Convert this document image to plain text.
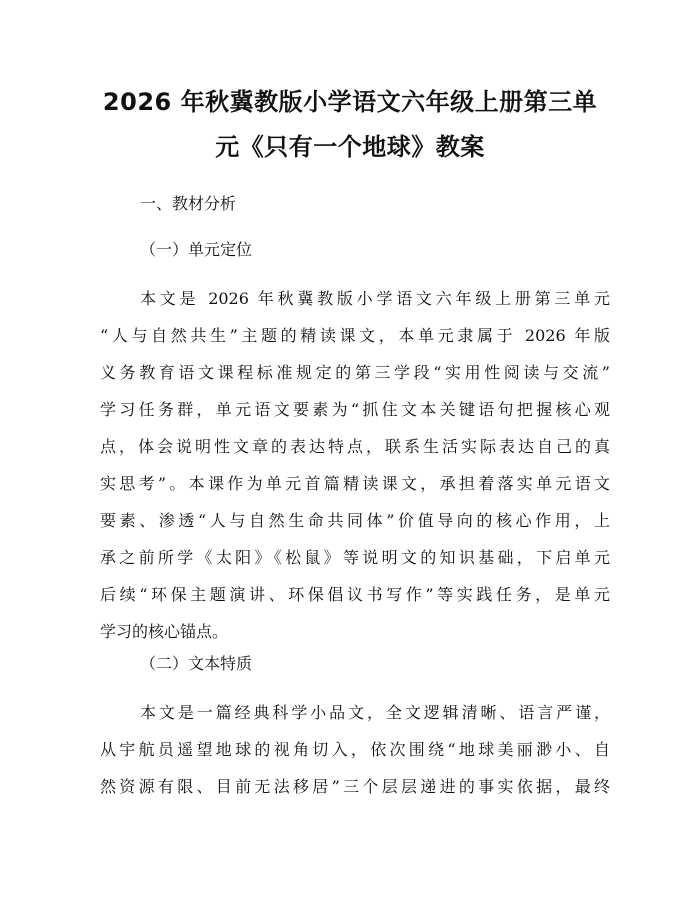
2026 年秋冀教版小学语文六年级上册第三单
元《只有一个地球》教案

一、教材分析

（一）单元定位

本文是 2026 年秋冀教版小学语文六年级上册第三单元
“人与自然共生”主题的精读课文，本单元隶属于 2026 年版
义务教育语文课程标准规定的第三学段“实用性阅读与交流”
学习任务群，单元语文要素为“抓住文本关键语句把握核心观
点，体会说明性文章的表达特点，联系生活实际表达自己的真
实思考”。本课作为单元首篇精读课文，承担着落实单元语文
要素、渗透“人与自然生命共同体”价值导向的核心作用，上
承之前所学《太阳》《松鼠》等说明文的知识基础，下启单元
后续“环保主题演讲、环保倡议书写作”等实践任务，是单元
学习的核心锚点。

（二）文本特质

本文是一篇经典科学小品文，全文逻辑清晰、语言严谨，
从宇航员遥望地球的视角切入，依次围绕“地球美丽渺小、自
然资源有限、目前无法移居”三个层层递进的事实依据，最终
